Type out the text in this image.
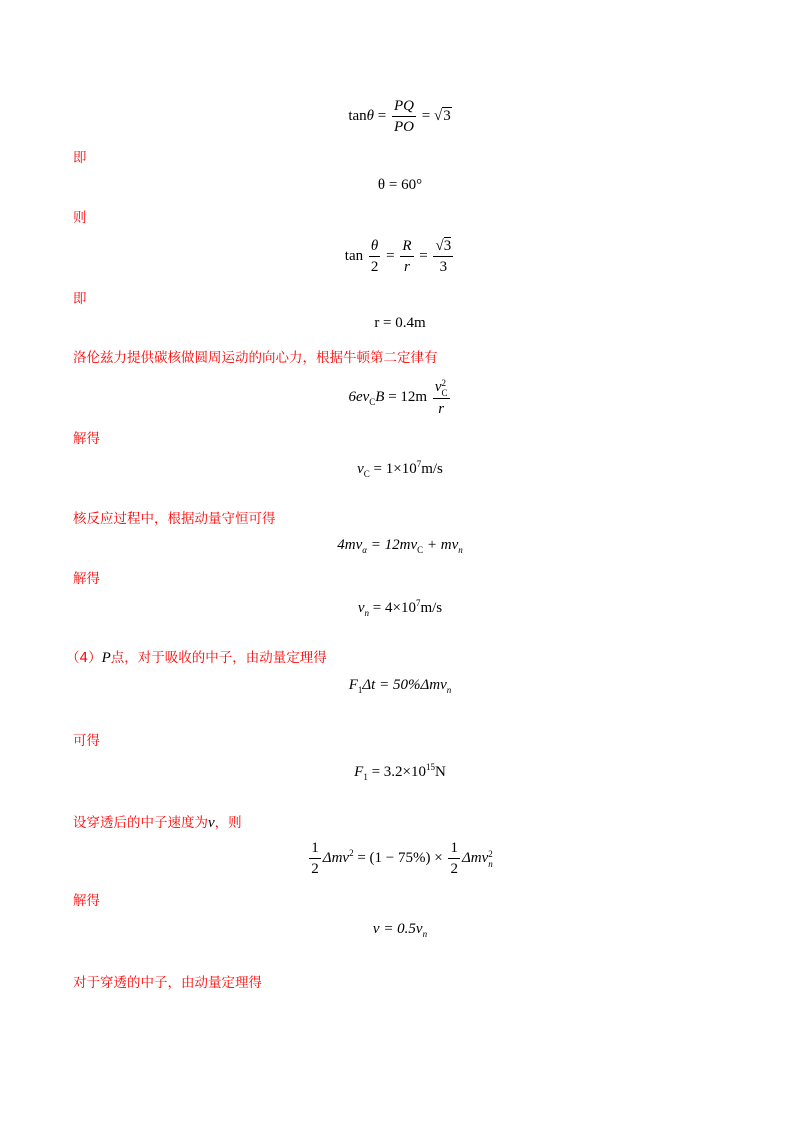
$\tan\theta = \frac{PQ}{PO} = √3$
即
θ = 60°
则
$\tan \frac{\theta}{2} = \frac{R}{r} = \frac{√3}{3}$
即
r = 0.4m
洛伦兹力提供碳核做圆周运动的向心力，根据牛顿第二定律有
$6ev_CB = 12m$ v 2
C
r
解得
$v_C = 1\times 10^7m/s$
核反应过程中，根据动量守恒可得
$4mv_\alpha = 12mv_C + mv_n$
解得
$v_n = 4\times 10^7m/s$
（4）P点，对于吸收的中子，由动量定理得
$F_1\Delta t = 50\%\Delta mv_n$
可得
$F_1 = 3.2\times 10^{15}N$
设穿透后的中子速度为v，则
$\frac{1}{2} \Delta mv^2 = (1 - 75\%) \times \frac{1}{2}$ Δmv 2
n
解得
$v = 0.5v_n$
对于穿透的中子，由动量定理得
